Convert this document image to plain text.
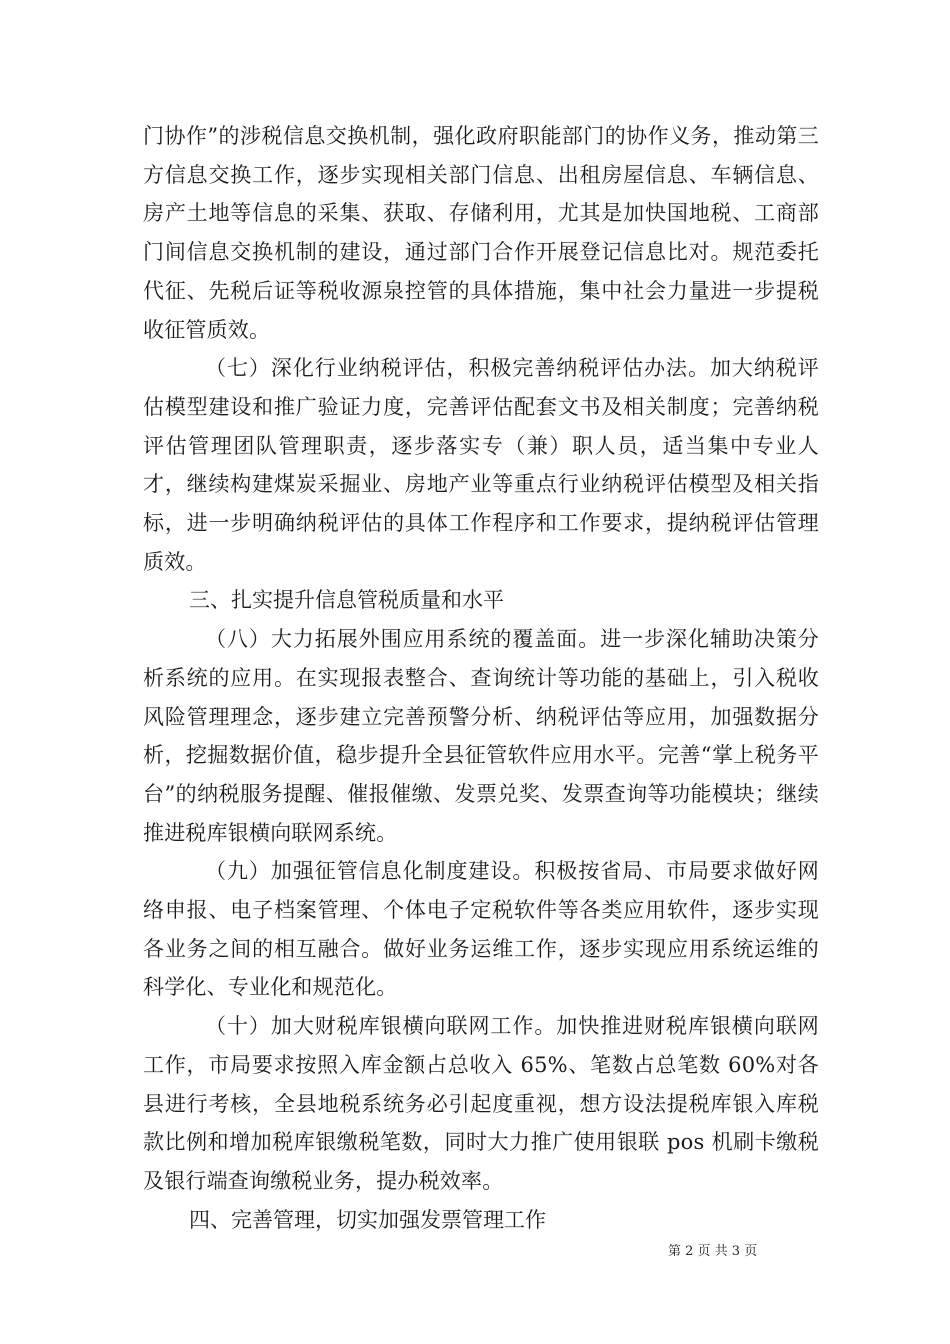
门协作”的涉税信息交换机制，强化政府职能部门的协作义务，推动第三方信息交换工作，逐步实现相关部门信息、出租房屋信息、车辆信息、房产土地等信息的采集、获取、存储利用，尤其是加快国地税、工商部门间信息交换机制的建设，通过部门合作开展登记信息比对。规范委托代征、先税后证等税收源泉控管的具体措施，集中社会力量进一步提税收征管质效。

（七）深化行业纳税评估，积极完善纳税评估办法。加大纳税评估模型建设和推广验证力度，完善评估配套文书及相关制度；完善纳税评估管理团队管理职责，逐步落实专（兼）职人员，适当集中专业人才，继续构建煤炭采掘业、房地产业等重点行业纳税评估模型及相关指标，进一步明确纳税评估的具体工作程序和工作要求，提纳税评估管理质效。

三、扎实提升信息管税质量和水平

（八）大力拓展外围应用系统的覆盖面。进一步深化辅助决策分析系统的应用。在实现报表整合、查询统计等功能的基础上，引入税收风险管理理念，逐步建立完善预警分析、纳税评估等应用，加强数据分析，挖掘数据价值，稳步提升全县征管软件应用水平。完善“掌上税务平台”的纳税服务提醒、催报催缴、发票兑奖、发票查询等功能模块；继续推进税库银横向联网系统。

（九）加强征管信息化制度建设。积极按省局、市局要求做好网络申报、电子档案管理、个体电子定税软件等各类应用软件，逐步实现各业务之间的相互融合。做好业务运维工作，逐步实现应用系统运维的科学化、专业化和规范化。

（十）加大财税库银横向联网工作。加快推进财税库银横向联网工作，市局要求按照入库金额占总收入 65%、笔数占总笔数 60%对各县进行考核，全县地税系统务必引起度重视，想方设法提税库银入库税款比例和增加税库银缴税笔数，同时大力推广使用银联 pos 机刷卡缴税及银行端查询缴税业务，提办税效率。

四、完善管理，切实加强发票管理工作

第 2 页 共 3 页
